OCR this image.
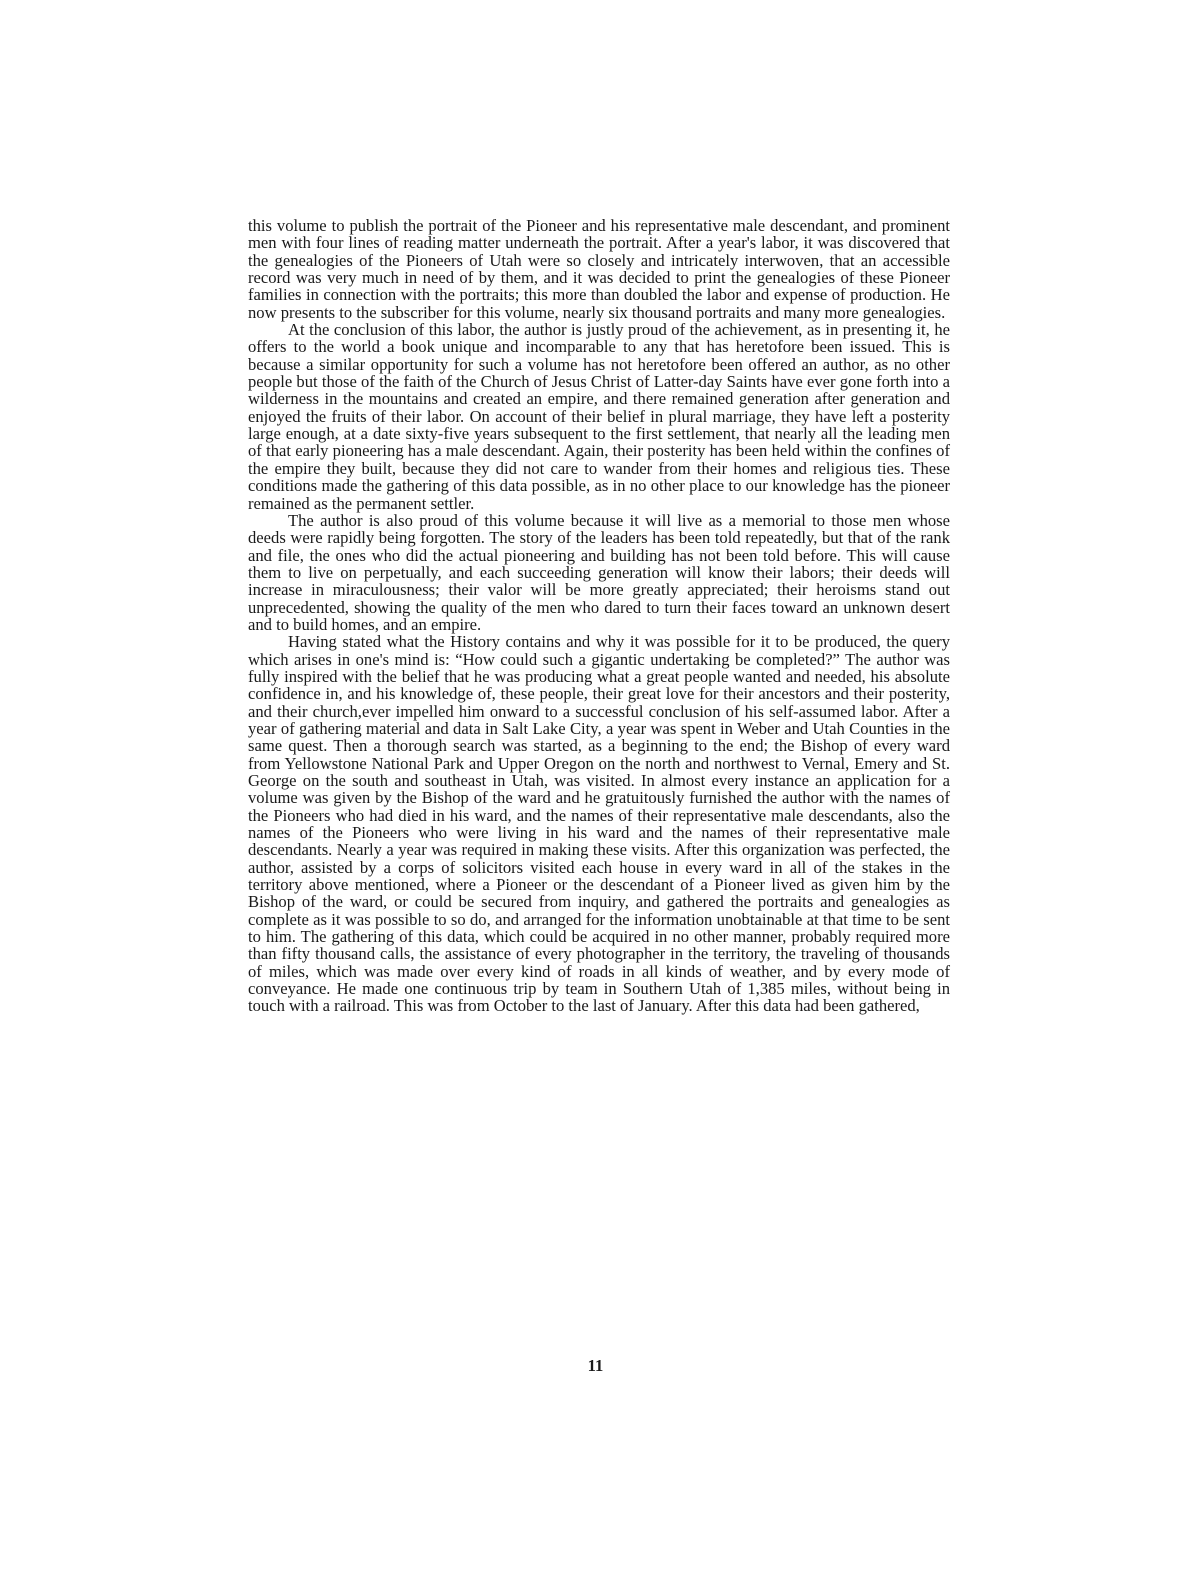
this volume to publish the portrait of the Pioneer and his representative male descendant, and prominent men with four lines of reading matter underneath the portrait. After a year's labor, it was discovered that the genealogies of the Pioneers of Utah were so closely and intricately interwoven, that an accessible record was very much in need of by them, and it was decided to print the genealogies of these Pioneer families in connection with the portraits; this more than doubled the labor and expense of production. He now presents to the subscriber for this volume, nearly six thousand portraits and many more genealogies.

At the conclusion of this labor, the author is justly proud of the achievement, as in presenting it, he offers to the world a book unique and incomparable to any that has heretofore been issued. This is because a similar opportunity for such a volume has not heretofore been offered an author, as no other people but those of the faith of the Church of Jesus Christ of Latter-day Saints have ever gone forth into a wilderness in the mountains and created an empire, and there remained generation after generation and enjoyed the fruits of their labor. On account of their belief in plural marriage, they have left a posterity large enough, at a date sixty-five years subsequent to the first settlement, that nearly all the leading men of that early pioneering has a male descendant. Again, their posterity has been held within the confines of the empire they built, because they did not care to wander from their homes and religious ties. These conditions made the gathering of this data possible, as in no other place to our knowledge has the pioneer remained as the permanent settler.

The author is also proud of this volume because it will live as a memorial to those men whose deeds were rapidly being forgotten. The story of the leaders has been told repeatedly, but that of the rank and file, the ones who did the actual pioneering and building has not been told before. This will cause them to live on perpetually, and each succeeding generation will know their labors; their deeds will increase in miraculousness; their valor will be more greatly appreciated; their heroisms stand out unprecedented, showing the quality of the men who dared to turn their faces toward an unknown desert and to build homes, and an empire.

Having stated what the History contains and why it was possible for it to be produced, the query which arises in one's mind is: “How could such a gigantic undertaking be completed?” The author was fully inspired with the belief that he was producing what a great people wanted and needed, his absolute confidence in, and his knowledge of, these people, their great love for their ancestors and their posterity, and their church,ever impelled him onward to a successful conclusion of his self-assumed labor. After a year of gathering material and data in Salt Lake City, a year was spent in Weber and Utah Counties in the same quest. Then a thorough search was started, as a beginning to the end; the Bishop of every ward from Yellowstone National Park and Upper Oregon on the north and northwest to Vernal, Emery and St. George on the south and southeast in Utah, was visited. In almost every instance an application for a volume was given by the Bishop of the ward and he gratuitously furnished the author with the names of the Pioneers who had died in his ward, and the names of their representative male descendants, also the names of the Pioneers who were living in his ward and the names of their representative male descendants. Nearly a year was required in making these visits. After this organization was perfected, the author, assisted by a corps of solicitors visited each house in every ward in all of the stakes in the territory above mentioned, where a Pioneer or the descendant of a Pioneer lived as given him by the Bishop of the ward, or could be secured from inquiry, and gathered the portraits and genealogies as complete as it was possible to so do, and arranged for the information unobtainable at that time to be sent to him. The gathering of this data, which could be acquired in no other manner, probably required more than fifty thousand calls, the assistance of every photographer in the territory, the traveling of thousands of miles, which was made over every kind of roads in all kinds of weather, and by every mode of conveyance. He made one continuous trip by team in Southern Utah of 1,385 miles, without being in touch with a railroad. This was from October to the last of January. After this data had been gathered,

11
